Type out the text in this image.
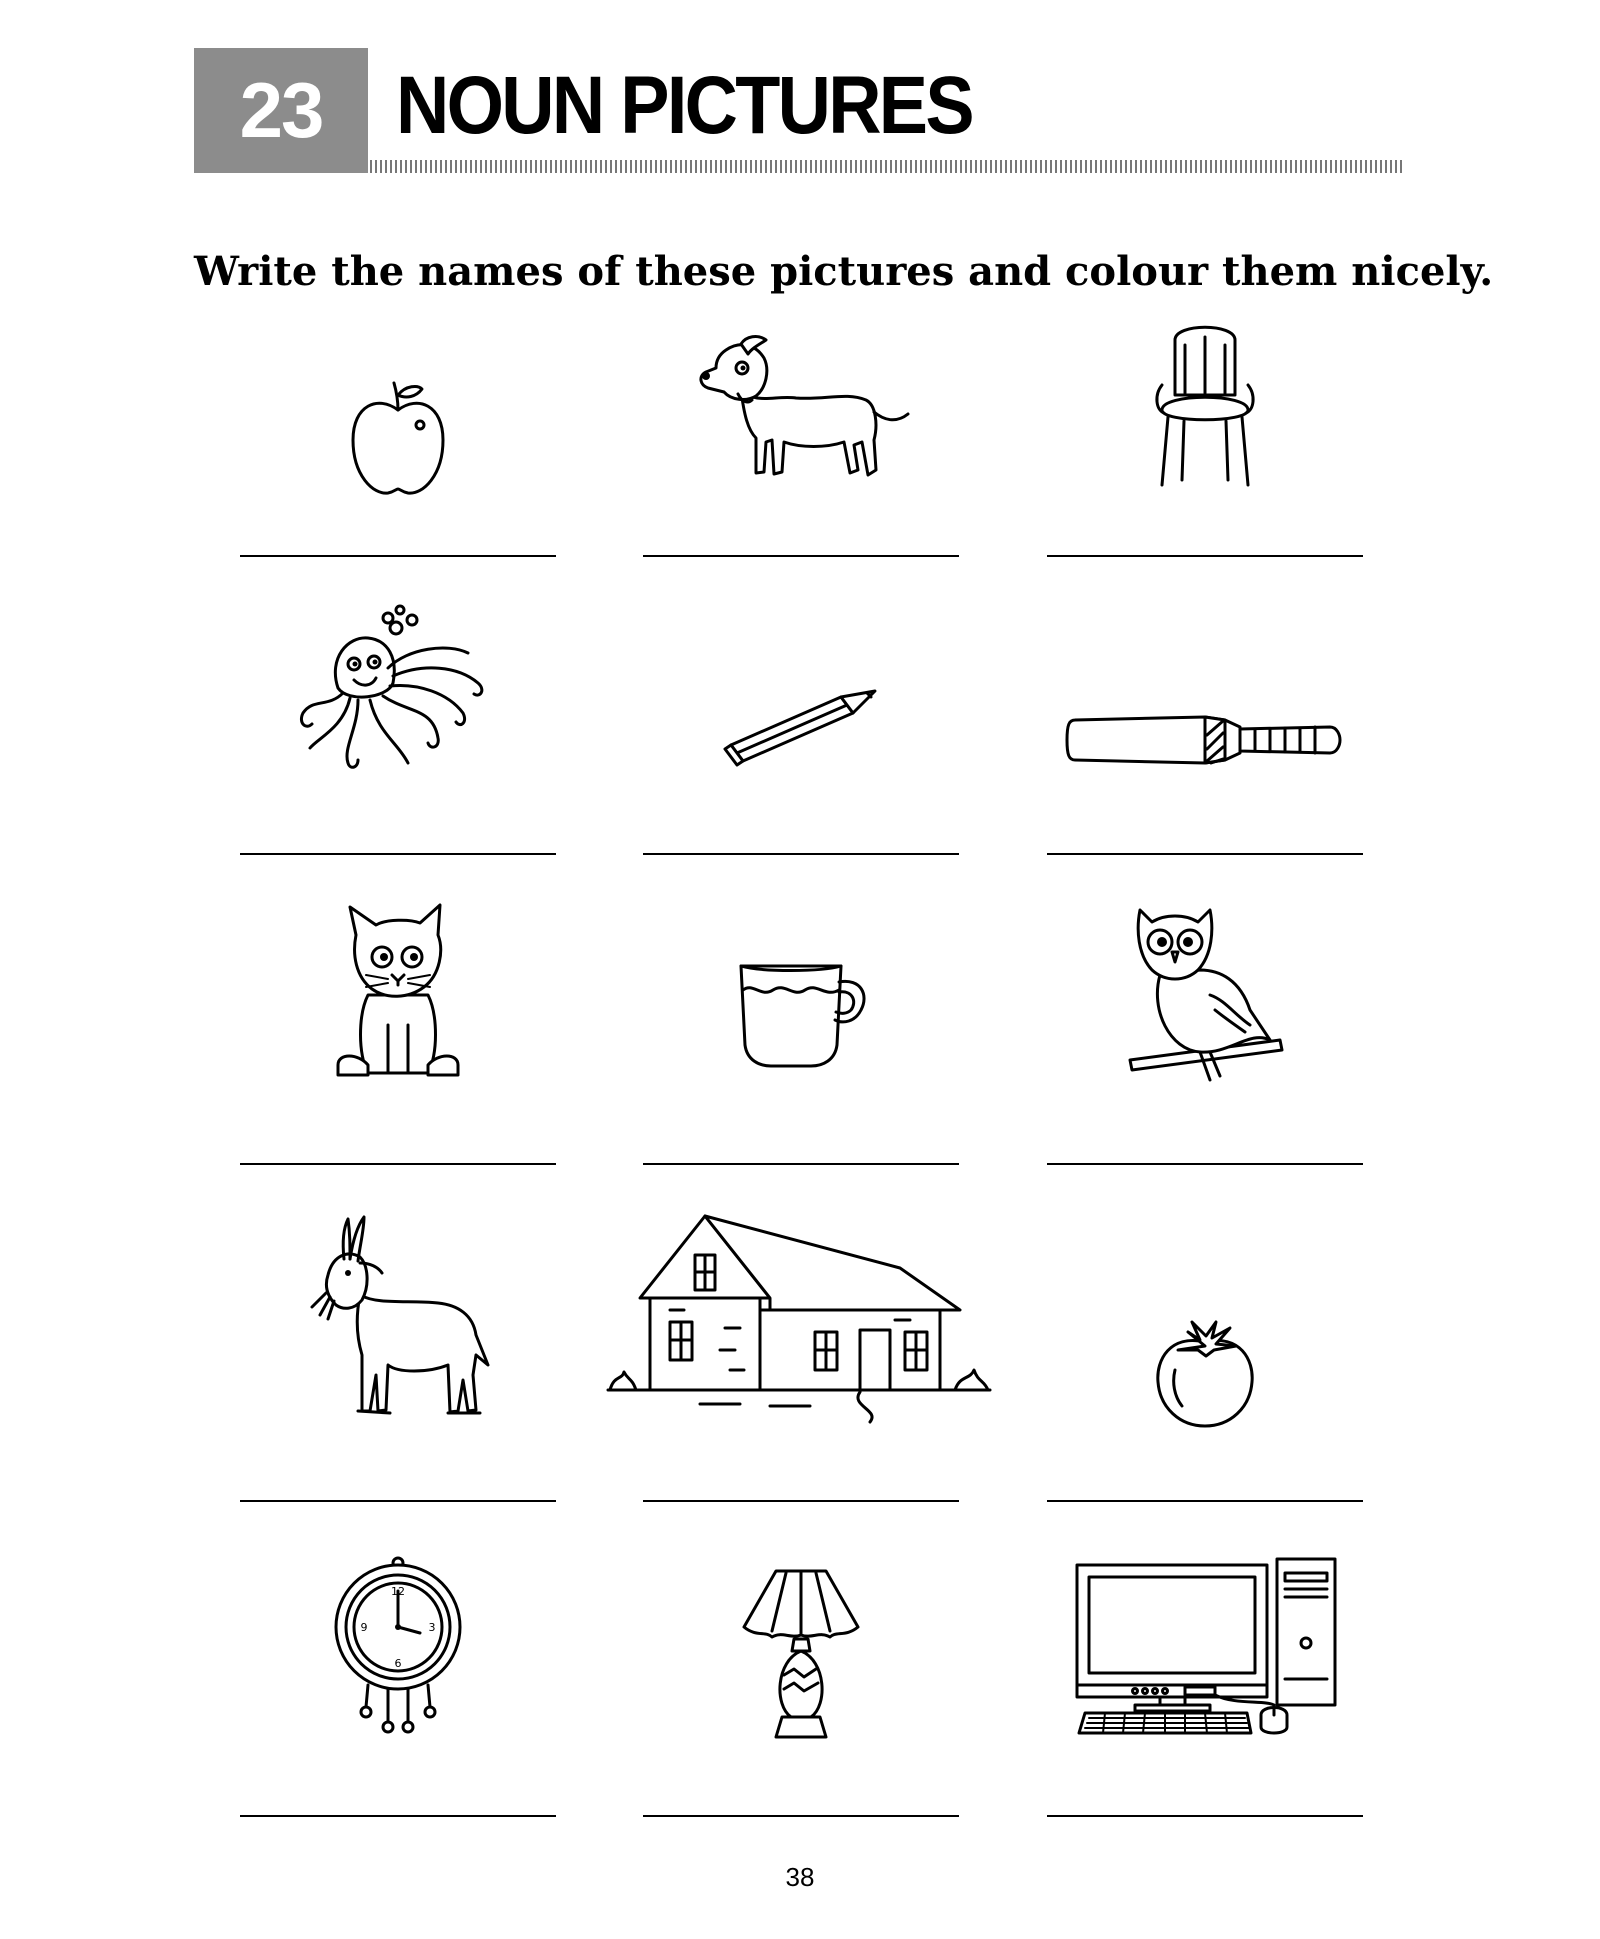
23 NOUN PICTURES
Write the names of these pictures and colour them nicely.
12
3
6
9
38
